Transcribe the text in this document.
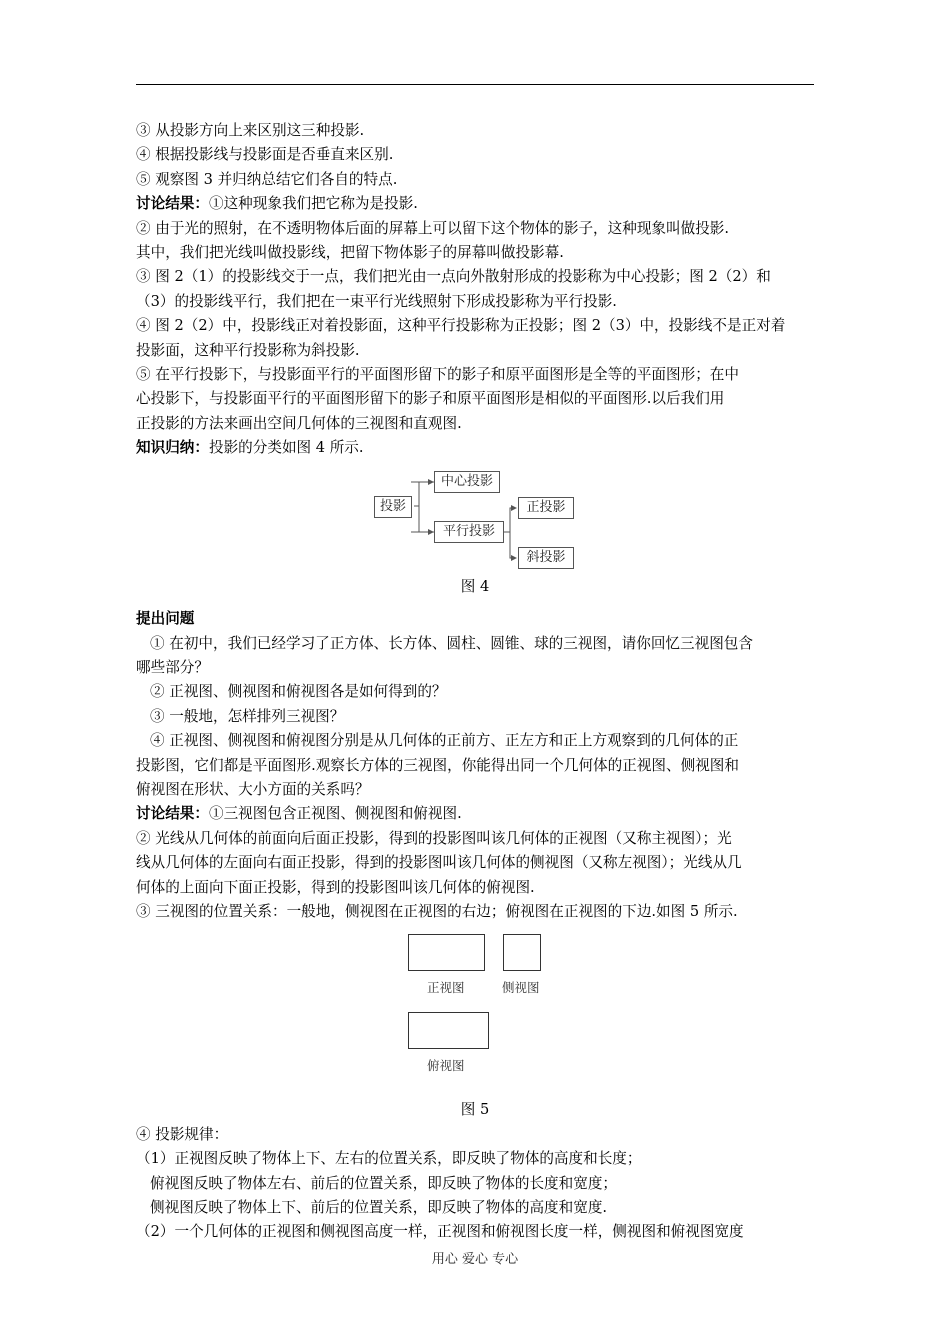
③ 从投影方向上来区别这三种投影.

④ 根据投影线与投影面是否垂直来区别.

⑤ 观察图 3 并归纳总结它们各自的特点.

讨论结果：①这种现象我们把它称为是投影.

② 由于光的照射，在不透明物体后面的屏幕上可以留下这个物体的影子，这种现象叫做投影.

其中，我们把光线叫做投影线，把留下物体影子的屏幕叫做投影幕.

③ 图 2（1）的投影线交于一点，我们把光由一点向外散射形成的投影称为中心投影；图 2（2）和

（3）的投影线平行，我们把在一束平行光线照射下形成投影称为平行投影.

④ 图 2（2）中，投影线正对着投影面，这种平行投影称为正投影；图 2（3）中，投影线不是正对着

投影面，这种平行投影称为斜投影.

⑤ 在平行投影下，与投影面平行的平面图形留下的影子和原平面图形是全等的平面图形；在中

心投影下，与投影面平行的平面图形留下的影子和原平面图形是相似的平面图形.以后我们用

正投影的方法来画出空间几何体的三视图和直观图.

知识归纳：投影的分类如图 4 所示.

投影
中心投影
平行投影
正投影
斜投影

图 4

提出问题

① 在初中，我们已经学习了正方体、长方体、圆柱、圆锥、球的三视图，请你回忆三视图包含

哪些部分？

② 正视图、侧视图和俯视图各是如何得到的？

③ 一般地，怎样排列三视图？

④ 正视图、侧视图和俯视图分别是从几何体的正前方、正左方和正上方观察到的几何体的正

投影图，它们都是平面图形.观察长方体的三视图，你能得出同一个几何体的正视图、侧视图和

俯视图在形状、大小方面的关系吗？

讨论结果：①三视图包含正视图、侧视图和俯视图.

② 光线从几何体的前面向后面正投影，得到的投影图叫该几何体的正视图（又称主视图）；光

线从几何体的左面向右面正投影，得到的投影图叫该几何体的侧视图（又称左视图）；光线从几

何体的上面向下面正投影，得到的投影图叫该几何体的俯视图.

③ 三视图的位置关系：一般地，侧视图在正视图的右边；俯视图在正视图的下边.如图 5 所示.

正视图	侧视图
俯视图

图 5

④ 投影规律：

（1）正视图反映了物体上下、左右的位置关系，即反映了物体的高度和长度；

俯视图反映了物体左右、前后的位置关系，即反映了物体的长度和宽度；

侧视图反映了物体上下、前后的位置关系，即反映了物体的高度和宽度.

（2）一个几何体的正视图和侧视图高度一样，正视图和俯视图长度一样，侧视图和俯视图宽度

用心 爱心 专心
